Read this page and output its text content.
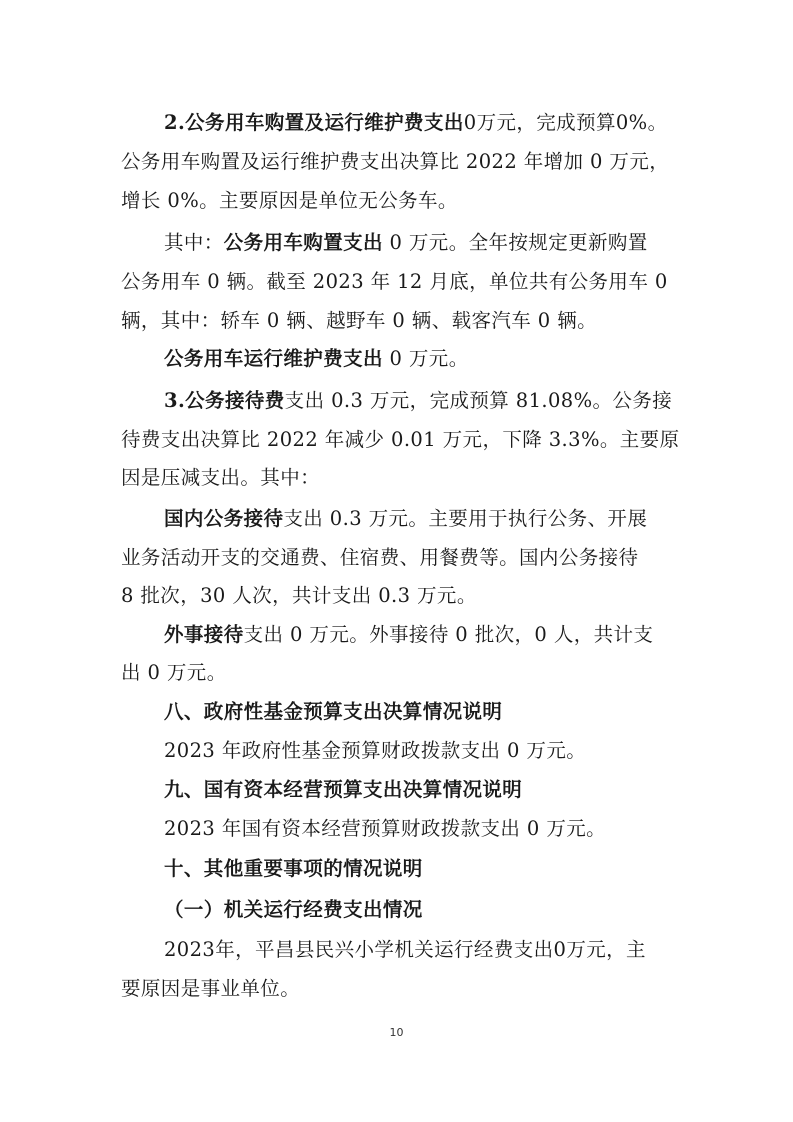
2.公务用车购置及运行维护费支出0万元，完成预算0%。
公务用车购置及运行维护费支出决算比 2022 年增加 0 万元，
增长 0%。主要原因是单位无公务车。
其中：公务用车购置支出 0 万元。全年按规定更新购置
公务用车 0 辆。截至 2023 年 12 月底，单位共有公务用车 0
辆，其中：轿车 0 辆、越野车 0 辆、载客汽车 0 辆。
公务用车运行维护费支出 0 万元。
3.公务接待费支出 0.3 万元，完成预算 81.08%。公务接
待费支出决算比 2022 年减少 0.01 万元，下降 3.3%。主要原
因是压减支出。其中：
国内公务接待支出 0.3 万元。主要用于执行公务、开展
业务活动开支的交通费、住宿费、用餐费等。国内公务接待
8 批次，30 人次，共计支出 0.3 万元。
外事接待支出 0 万元。外事接待 0 批次，0 人，共计支
出 0 万元。
八、政府性基金预算支出决算情况说明
2023 年政府性基金预算财政拨款支出 0 万元。
九、国有资本经营预算支出决算情况说明
2023 年国有资本经营预算财政拨款支出 0 万元。
十、其他重要事项的情况说明
（一）机关运行经费支出情况
2023年，平昌县民兴小学机关运行经费支出0万元，主
要原因是事业单位。
10
